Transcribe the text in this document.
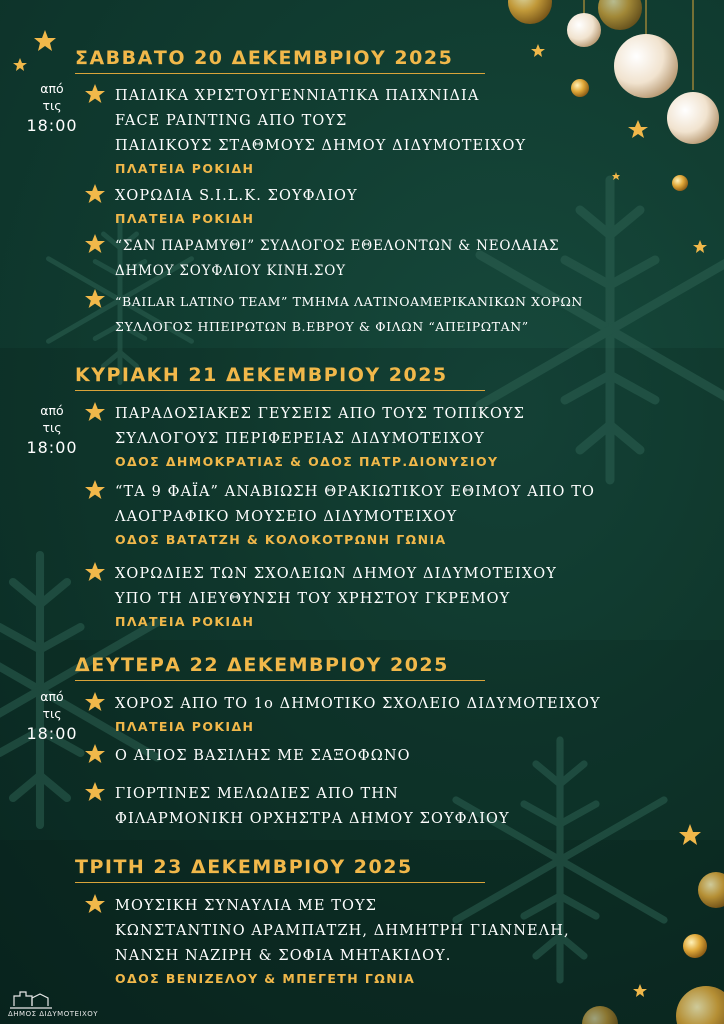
ΣΑΒΒΑΤΟ 20 ΔΕΚΕΜΒΡΙΟΥ 2025
από
τις
18:00
ΠΑΙΔΙΚΑ ΧΡΙΣΤΟΥΓΕΝΝΙΑΤΙΚΑ ΠΑΙΧΝΙΔΙΑ
FACE PAINTING ΑΠΟ ΤΟΥΣ
ΠΑΙΔΙΚΟΥΣ ΣΤΑΘΜΟΥΣ ΔΗΜΟΥ ΔΙΔΥΜΟΤΕΙΧΟΥ
ΠΛΑΤΕΙΑ ΡΟΚΙΔΗ
ΧΟΡΩΔΙΑ S.I.L.K. ΣΟΥΦΛΙΟΥ
ΠΛΑΤΕΙΑ ΡΟΚΙΔΗ
“ΣΑΝ ΠΑΡΑΜΥΘΙ” ΣΥΛΛΟΓΟΣ ΕΘΕΛΟΝΤΩΝ & ΝΕΟΛΑΙΑΣ
ΔΗΜΟΥ ΣΟΥΦΛΙΟΥ ΚΙΝΗ.ΣΟΥ
“BAILAR LATINO TEAM” ΤΜΗΜΑ ΛΑΤΙΝΟΑΜΕΡΙΚΑΝΙΚΩΝ ΧΟΡΩΝ
ΣΥΛΛΟΓΟΣ ΗΠΕΙΡΩΤΩΝ Β.ΕΒΡΟΥ & ΦΙΛΩΝ “ΑΠΕΙΡΩΤΑΝ”
ΚΥΡΙΑΚΗ 21 ΔΕΚΕΜΒΡΙΟΥ 2025
από
τις
18:00
ΠΑΡΑΔΟΣΙΑΚΕΣ ΓΕΥΣΕΙΣ ΑΠΟ ΤΟΥΣ ΤΟΠΙΚΟΥΣ
ΣΥΛΛΟΓΟΥΣ ΠΕΡΙΦΕΡΕΙΑΣ ΔΙΔΥΜΟΤΕΙΧΟΥ
ΟΔΟΣ ΔΗΜΟΚΡΑΤΙΑΣ & ΟΔΟΣ ΠΑΤΡ.ΔΙΟΝΥΣΙΟΥ
“ΤΑ 9 ΦΑΪΑ” ΑΝΑΒΙΩΣΗ ΘΡΑΚΙΩΤΙΚΟΥ ΕΘΙΜΟΥ ΑΠΟ ΤΟ
ΛΑΟΓΡΑΦΙΚΟ ΜΟΥΣΕΙΟ ΔΙΔΥΜΟΤΕΙΧΟΥ
ΟΔΟΣ ΒΑΤΑΤΖΗ & ΚΟΛΟΚΟΤΡΩΝΗ ΓΩΝΙΑ
ΧΟΡΩΔΙΕΣ ΤΩΝ ΣΧΟΛΕΙΩΝ ΔΗΜΟΥ ΔΙΔΥΜΟΤΕΙΧΟΥ
ΥΠΟ ΤΗ ΔΙΕΥΘΥΝΣΗ ΤΟΥ ΧΡΗΣΤΟΥ ΓΚΡΕΜΟΥ
ΠΛΑΤΕΙΑ ΡΟΚΙΔΗ
ΔΕΥΤΕΡΑ 22 ΔΕΚΕΜΒΡΙΟΥ 2025
από
τις
18:00
ΧΟΡΟΣ ΑΠΟ ΤΟ 1ο ΔΗΜΟΤΙΚΟ ΣΧΟΛΕΙΟ ΔΙΔΥΜΟΤΕΙΧΟΥ
ΠΛΑΤΕΙΑ ΡΟΚΙΔΗ
Ο ΑΓΙΟΣ ΒΑΣΙΛΗΣ ΜΕ ΣΑΞΟΦΩΝΟ
ΓΙΟΡΤΙΝΕΣ ΜΕΛΩΔΙΕΣ ΑΠΟ ΤΗΝ
ΦΙΛΑΡΜΟΝΙΚΗ ΟΡΧΗΣΤΡΑ ΔΗΜΟΥ ΣΟΥΦΛΙΟΥ
ΤΡΙΤΗ 23 ΔΕΚΕΜΒΡΙΟΥ 2025
ΜΟΥΣΙΚΗ ΣΥΝΑΥΛΙΑ ΜΕ ΤΟΥΣ
ΚΩΝΣΤΑΝΤΙΝΟ ΑΡΑΜΠΑΤΖΗ, ΔΗΜΗΤΡΗ ΓΙΑΝΝΕΛΗ,
ΝΑΝΣΗ ΝΑΖΙΡΗ & ΣΟΦΙΑ ΜΗΤΑΚΙΔΟΥ.
ΟΔΟΣ ΒΕΝΙΖΕΛΟΥ & ΜΠΕΓΕΤΗ ΓΩΝΙΑ
ΔΗΜΟΣ ΔΙΔΥΜΟΤΕΙΧΟΥ
